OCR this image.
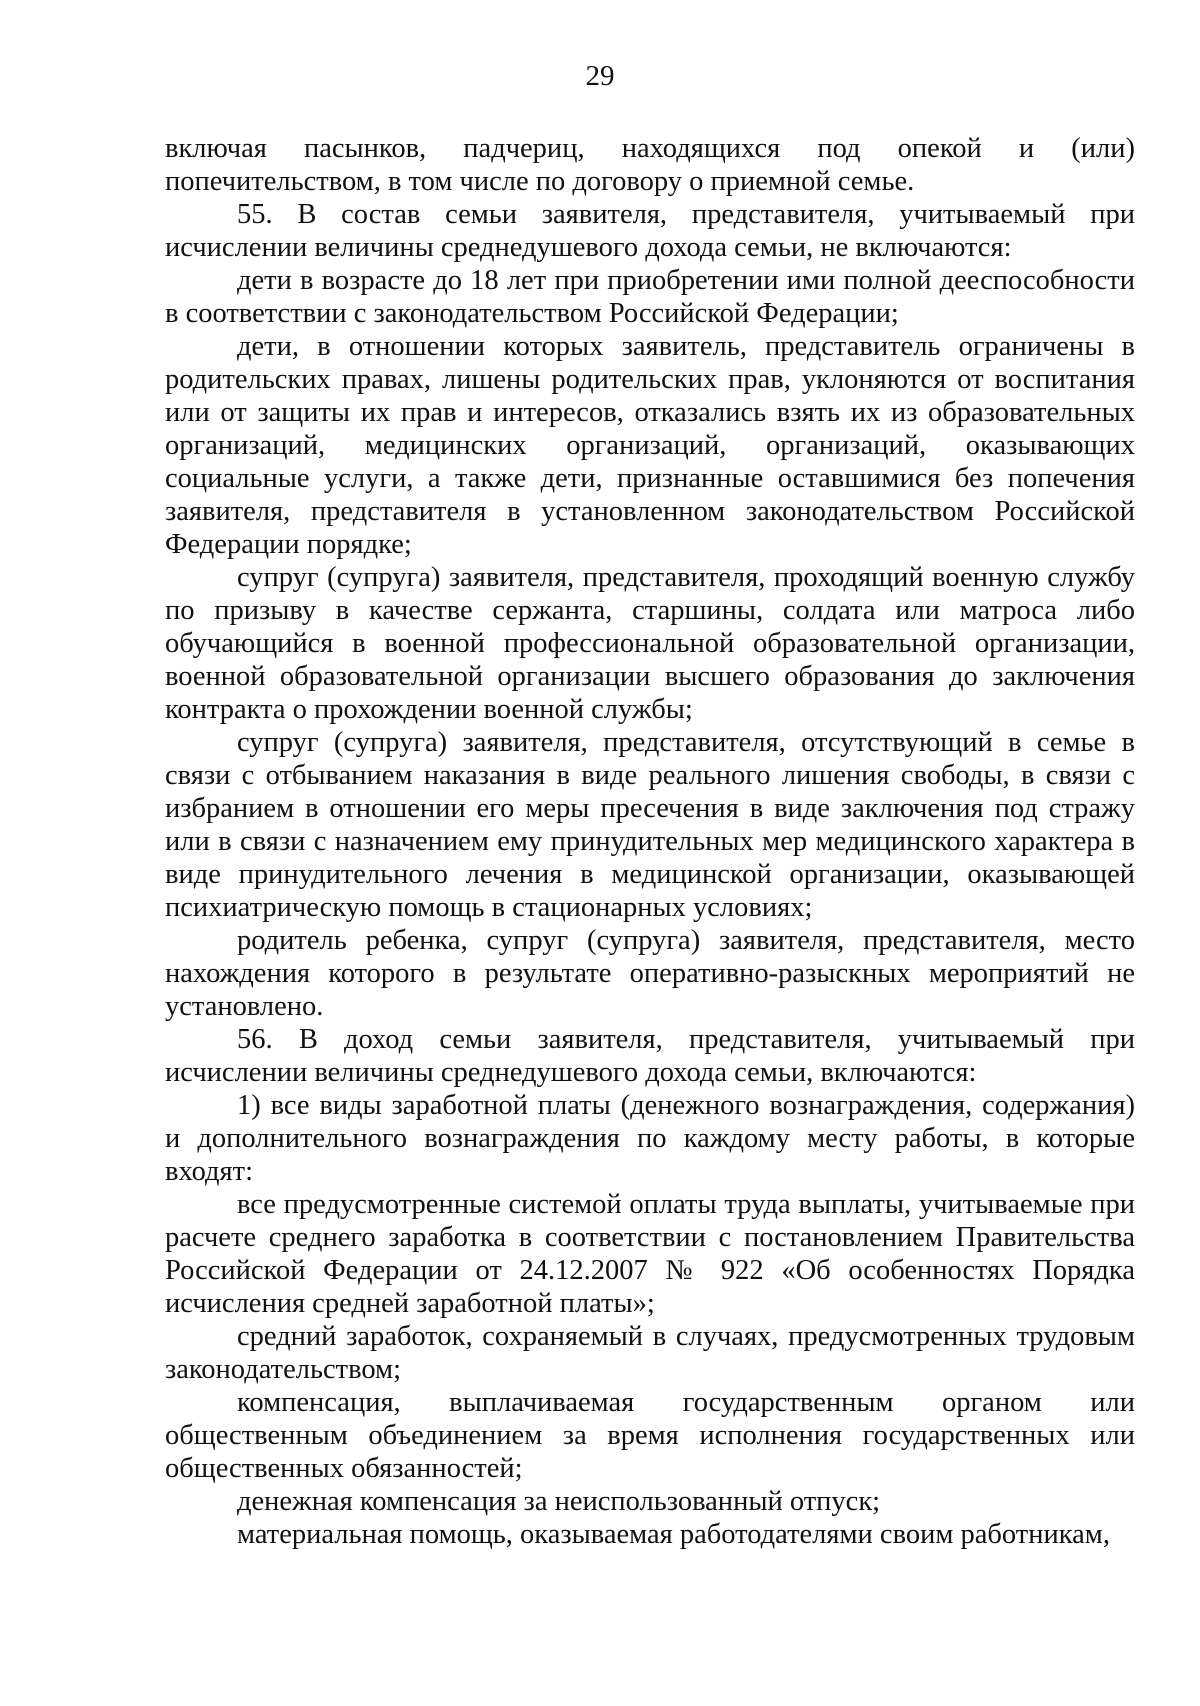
29

включая пасынков, падчериц, находящихся под опекой и (или) попечительством, в том числе по договору о приемной семье.

55. В состав семьи заявителя, представителя, учитываемый при исчислении величины среднедушевого дохода семьи, не включаются:

дети в возрасте до 18 лет при приобретении ими полной дееспособности в соответствии с законодательством Российской Федерации;

дети, в отношении которых заявитель, представитель ограничены в родительских правах, лишены родительских прав, уклоняются от воспитания или от защиты их прав и интересов, отказались взять их из образовательных организаций, медицинских организаций, организаций, оказывающих социальные услуги, а также дети, признанные оставшимися без попечения заявителя, представителя в установленном законодательством Российской Федерации порядке;

супруг (супруга) заявителя, представителя, проходящий военную службу по призыву в качестве сержанта, старшины, солдата или матроса либо обучающийся в военной профессиональной образовательной организации, военной образовательной организации высшего образования до заключения контракта о прохождении военной службы;

супруг (супруга) заявителя, представителя, отсутствующий в семье в связи с отбыванием наказания в виде реального лишения свободы, в связи с избранием в отношении его меры пресечения в виде заключения под стражу или в связи с назначением ему принудительных мер медицинского характера в виде принудительного лечения в медицинской организации, оказывающей психиатрическую помощь в стационарных условиях;

родитель ребенка, супруг (супруга) заявителя, представителя, место нахождения которого в результате оперативно-разыскных мероприятий не установлено.

56. В доход семьи заявителя, представителя, учитываемый при исчислении величины среднедушевого дохода семьи, включаются:

1) все виды заработной платы (денежного вознаграждения, содержания) и дополнительного вознаграждения по каждому месту работы, в которые входят:

все предусмотренные системой оплаты труда выплаты, учитываемые при расчете среднего заработка в соответствии с постановлением Правительства Российской Федерации от 24.12.2007 № 922 «Об особенностях Порядка исчисления средней заработной платы»;

средний заработок, сохраняемый в случаях, предусмотренных трудовым законодательством;

компенсация, выплачиваемая государственным органом или общественным объединением за время исполнения государственных или общественных обязанностей;

денежная компенсация за неиспользованный отпуск;

материальная помощь, оказываемая работодателями своим работникам,
